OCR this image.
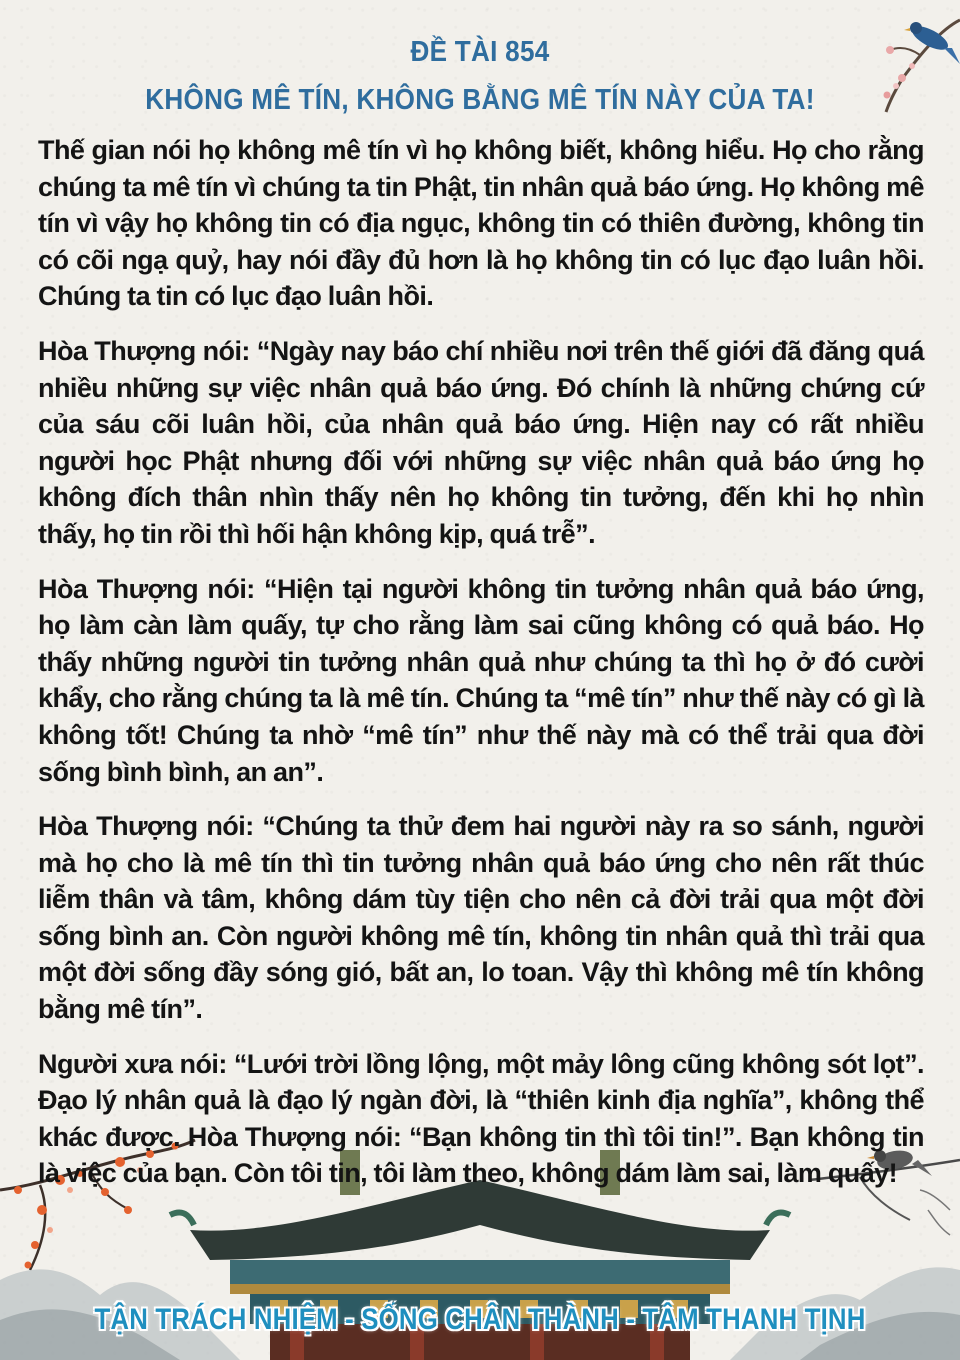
ĐỀ TÀI 854
KHÔNG MÊ TÍN, KHÔNG BẰNG MÊ TÍN NÀY CỦA TA!

Thế gian nói họ không mê tín vì họ không biết, không hiểu. Họ cho rằng chúng ta mê tín vì chúng ta tin Phật, tin nhân quả báo ứng. Họ không mê tín vì vậy họ không tin có địa ngục, không tin có thiên đường, không tin có cõi ngạ quỷ, hay nói đầy đủ hơn là họ không tin có lục đạo luân hồi. Chúng ta tin có lục đạo luân hồi.

Hòa Thượng nói: “Ngày nay báo chí nhiều nơi trên thế giới đã đăng quá nhiều những sự việc nhân quả báo ứng. Đó chính là những chứng cứ của sáu cõi luân hồi, của nhân quả báo ứng. Hiện nay có rất nhiều người học Phật nhưng đối với những sự việc nhân quả báo ứng họ không đích thân nhìn thấy nên họ không tin tưởng, đến khi họ nhìn thấy, họ tin rồi thì hối hận không kịp, quá trễ”.

Hòa Thượng nói: “Hiện tại người không tin tưởng nhân quả báo ứng, họ làm càn làm quấy, tự cho rằng làm sai cũng không có quả báo. Họ thấy những người tin tưởng nhân quả như chúng ta thì họ ở đó cười khẩy, cho rằng chúng ta là mê tín. Chúng ta “mê tín” như thế này có gì là không tốt! Chúng ta nhờ “mê tín” như thế này mà có thể trải qua đời sống bình bình, an an”.

Hòa Thượng nói: “Chúng ta thử đem hai người này ra so sánh, người mà họ cho là mê tín thì tin tưởng nhân quả báo ứng cho nên rất thúc liễm thân và tâm, không dám tùy tiện cho nên cả đời trải qua một đời sống bình an. Còn người không mê tín, không tin nhân quả thì trải qua một đời sống đầy sóng gió, bất an, lo toan. Vậy thì không mê tín không bằng mê tín”.

Người xưa nói: “Lưới trời lồng lộng, một mảy lông cũng không sót lọt”. Đạo lý nhân quả là đạo lý ngàn đời, là “thiên kinh địa nghĩa”, không thể khác được. Hòa Thượng nói: “Bạn không tin thì tôi tin!”. Bạn không tin là việc của bạn. Còn tôi tin, tôi làm theo, không dám làm sai, làm quấy!

TẬN TRÁCH NHIỆM - SỐNG CHÂN THÀNH - TÂM THANH TỊNH
